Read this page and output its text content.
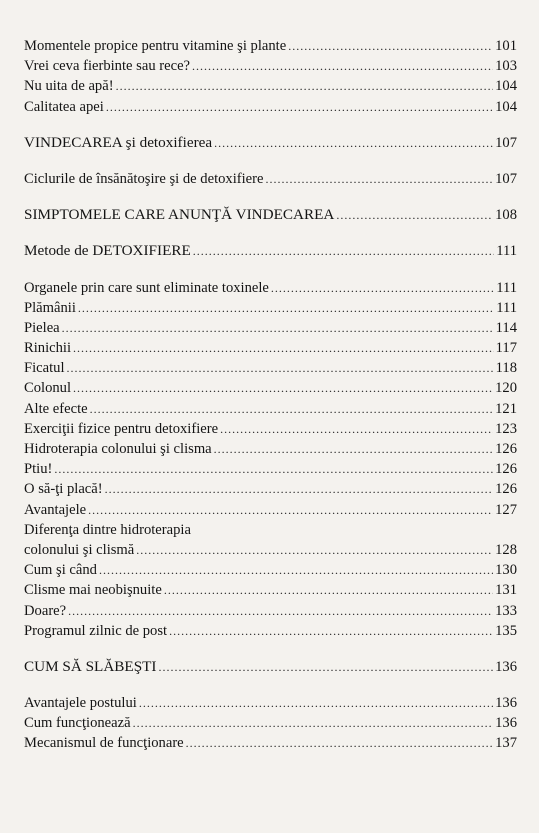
Momentele propice pentru vitamine şi plante .....	101
Vrei ceva fierbinte sau rece? .....	103
Nu uita de apă! .....	104
Calitatea apei .....	104
VINDECAREA şi detoxifierea .....	107
Ciclurile de însănătoşire şi de detoxifiere .....	107
SIMPTOMELE CARE ANUNŢĂ VINDECAREA .....	108
Metode de DETOXIFIERE .....	111
Organele prin care sunt eliminate toxinele .....	111
Plămânii .....	111
Pielea .....	114
Rinichii .....	117
Ficatul .....	118
Colonul .....	120
Alte efecte .....	121
Exerciţii fizice pentru detoxifiere .....	123
Hidroterapia colonului şi clisma .....	126
Ptiu! .....	126
O să-ţi placă! .....	126
Avantajele .....	127
Diferenţa dintre hidroterapia
colonului şi clismă .....	128
Cum şi când .....	130
Clisme mai neobişnuite .....	131
Doare? .....	133
Programul zilnic de post .....	135
CUM SĂ SLĂBEŞTI .....	136
Avantajele postului .....	136
Cum funcţionează .....	136
Mecanismul de funcţionare .....	137
